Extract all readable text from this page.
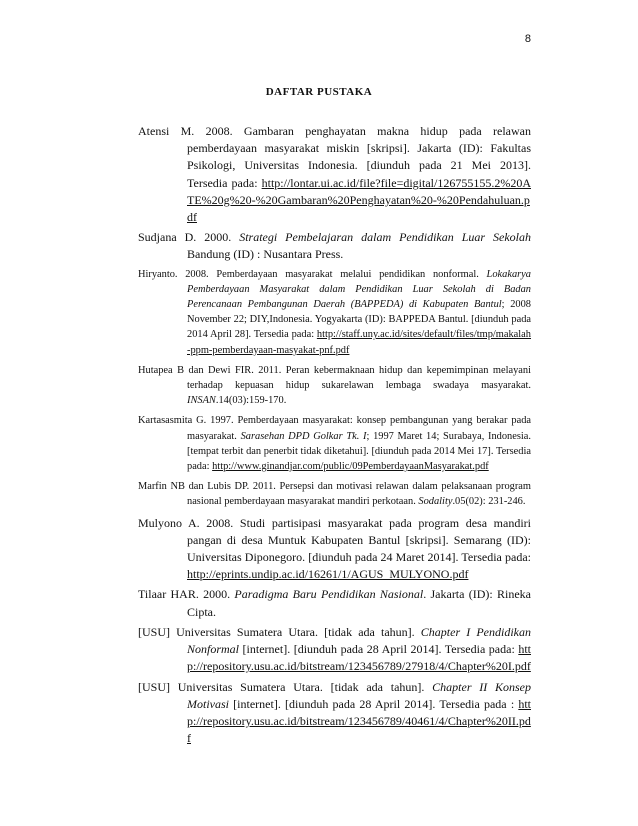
8
DAFTAR PUSTAKA
Atensi M. 2008. Gambaran penghayatan makna hidup pada relawan pemberdayaan masyarakat miskin [skripsi]. Jakarta (ID): Fakultas Psikologi, Universitas Indonesia. [diunduh pada 21 Mei 2013]. Tersedia pada: http://lontar.ui.ac.id/file?file=digital/126755155.2%20ATE%20g%20-%20Gambaran%20Penghayatan%20-%20Pendahuluan.pdf
Sudjana D. 2000. Strategi Pembelajaran dalam Pendidikan Luar Sekolah Bandung (ID) : Nusantara Press.
Hiryanto. 2008. Pemberdayaan masyarakat melalui pendidikan nonformal. Lokakarya Pemberdayaan Masyarakat dalam Pendidikan Luar Sekolah di Badan Perencanaan Pembangunan Daerah (BAPPEDA) di Kabupaten Bantul; 2008 November 22; DIY,Indonesia. Yogyakarta (ID): BAPPEDA Bantul. [diunduh pada 2014 April 28]. Tersedia pada: http://staff.uny.ac.id/sites/default/files/tmp/makalah-ppm-pemberdayaan-masyakat-pnf.pdf
Hutapea B dan Dewi FIR. 2011. Peran kebermaknaan hidup dan kepemimpinan melayani terhadap kepuasan hidup sukarelawan lembaga swadaya masyarakat. INSAN.14(03):159-170.
Kartasasmita G. 1997. Pemberdayaan masyarakat: konsep pembangunan yang berakar pada masyarakat. Sarasehan DPD Golkar Tk. I; 1997 Maret 14; Surabaya, Indonesia. [tempat terbit dan penerbit tidak diketahui]. [diunduh pada 2014 Mei 17]. Tersedia pada: http://www.ginandjar.com/public/09PemberdayaanMasyarakat.pdf
Marfin NB dan Lubis DP. 2011. Persepsi dan motivasi relawan dalam pelaksanaan program nasional pemberdayaan masyarakat mandiri perkotaan. Sodality.05(02): 231-246.
Mulyono A. 2008. Studi partisipasi masyarakat pada program desa mandiri pangan di desa Muntuk Kabupaten Bantul [skripsi]. Semarang (ID): Universitas Diponegoro. [diunduh pada 24 Maret 2014]. Tersedia pada: http://eprints.undip.ac.id/16261/1/AGUS_MULYONO.pdf
Tilaar HAR. 2000. Paradigma Baru Pendidikan Nasional. Jakarta (ID): Rineka Cipta.
[USU] Universitas Sumatera Utara. [tidak ada tahun]. Chapter I Pendidikan Nonformal [internet]. [diunduh pada 28 April 2014]. Tersedia pada: http://repository.usu.ac.id/bitstream/123456789/27918/4/Chapter%20I.pdf
[USU] Universitas Sumatera Utara. [tidak ada tahun]. Chapter II Konsep Motivasi [internet]. [diunduh pada 28 April 2014]. Tersedia pada : http://repository.usu.ac.id/bitstream/123456789/40461/4/Chapter%20II.pdf
